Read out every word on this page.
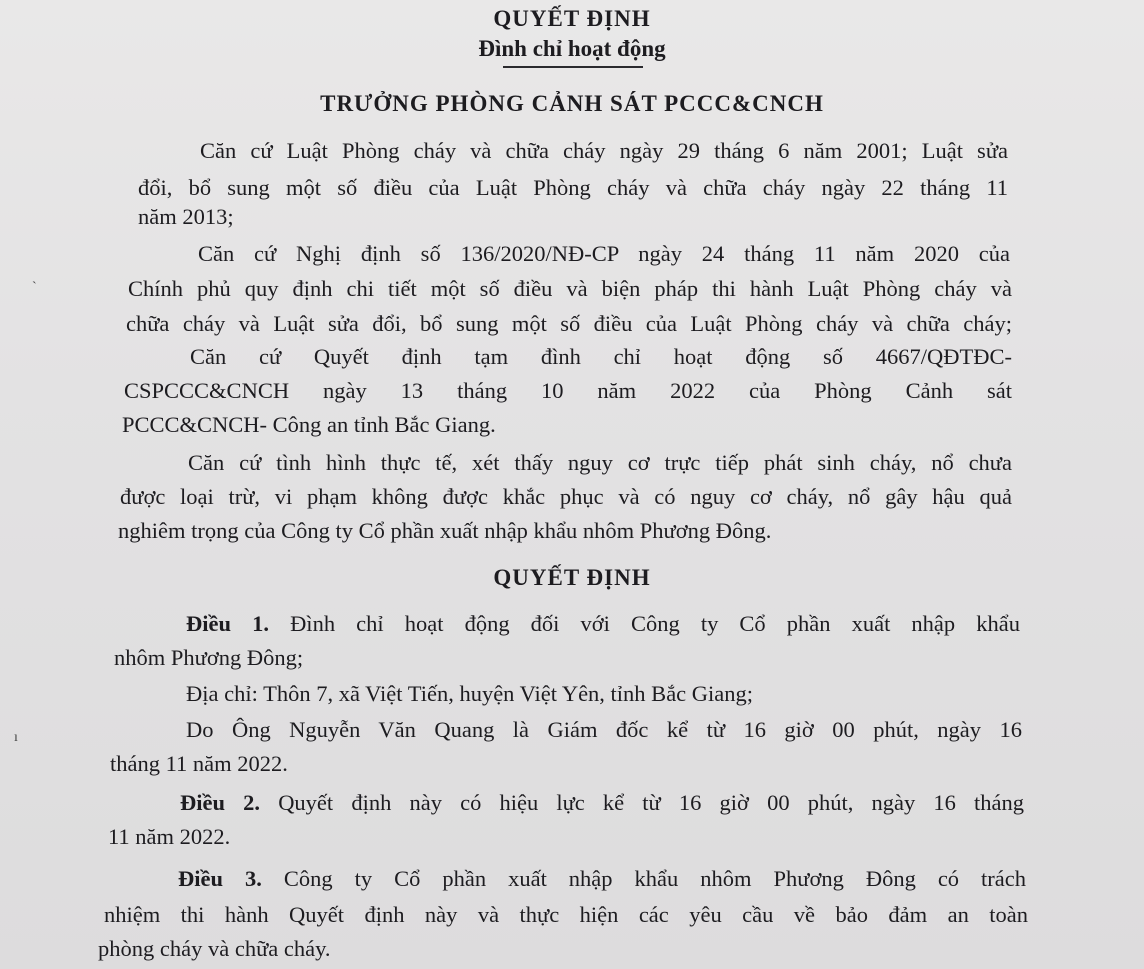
QUYẾT ĐỊNH
Đình chỉ hoạt động
TRƯỞNG PHÒNG CẢNH SÁT PCCC&CNCH
Căn cứ Luật Phòng cháy và chữa cháy ngày 29 tháng 6 năm 2001; Luật sửa
đổi, bổ sung một số điều của Luật Phòng cháy và chữa cháy ngày 22 tháng 11
năm 2013;
Căn cứ Nghị định số 136/2020/NĐ-CP ngày 24 tháng 11 năm 2020 của
Chính phủ quy định chi tiết một số điều và biện pháp thi hành Luật Phòng cháy và
chữa cháy và Luật sửa đổi, bổ sung một số điều của Luật Phòng cháy và chữa cháy;
Căn cứ Quyết định tạm đình chỉ hoạt động số 4667/QĐTĐC-
CSPCCC&CNCH ngày 13 tháng 10 năm 2022 của Phòng Cảnh sát
PCCC&CNCH- Công an tỉnh Bắc Giang.
Căn cứ tình hình thực tế, xét thấy nguy cơ trực tiếp phát sinh cháy, nổ chưa
được loại trừ, vi phạm không được khắc phục và có nguy cơ cháy, nổ gây hậu quả
nghiêm trọng của Công ty Cổ phần xuất nhập khẩu nhôm Phương Đông.
QUYẾT ĐỊNH
Điều 1. Đình chỉ hoạt động đối với Công ty Cổ phần xuất nhập khẩu
nhôm Phương Đông;
Địa chỉ: Thôn 7, xã Việt Tiến, huyện Việt Yên, tỉnh Bắc Giang;
Do Ông Nguyễn Văn Quang là Giám đốc kể từ 16 giờ 00 phút, ngày 16
tháng 11 năm 2022.
Điều 2. Quyết định này có hiệu lực kể từ 16 giờ 00 phút, ngày 16 tháng
11 năm 2022.
Điều 3. Công ty Cổ phần xuất nhập khẩu nhôm Phương Đông có trách
nhiệm thi hành Quyết định này và thực hiện các yêu cầu về bảo đảm an toàn
phòng cháy và chữa cháy.
`
ı
